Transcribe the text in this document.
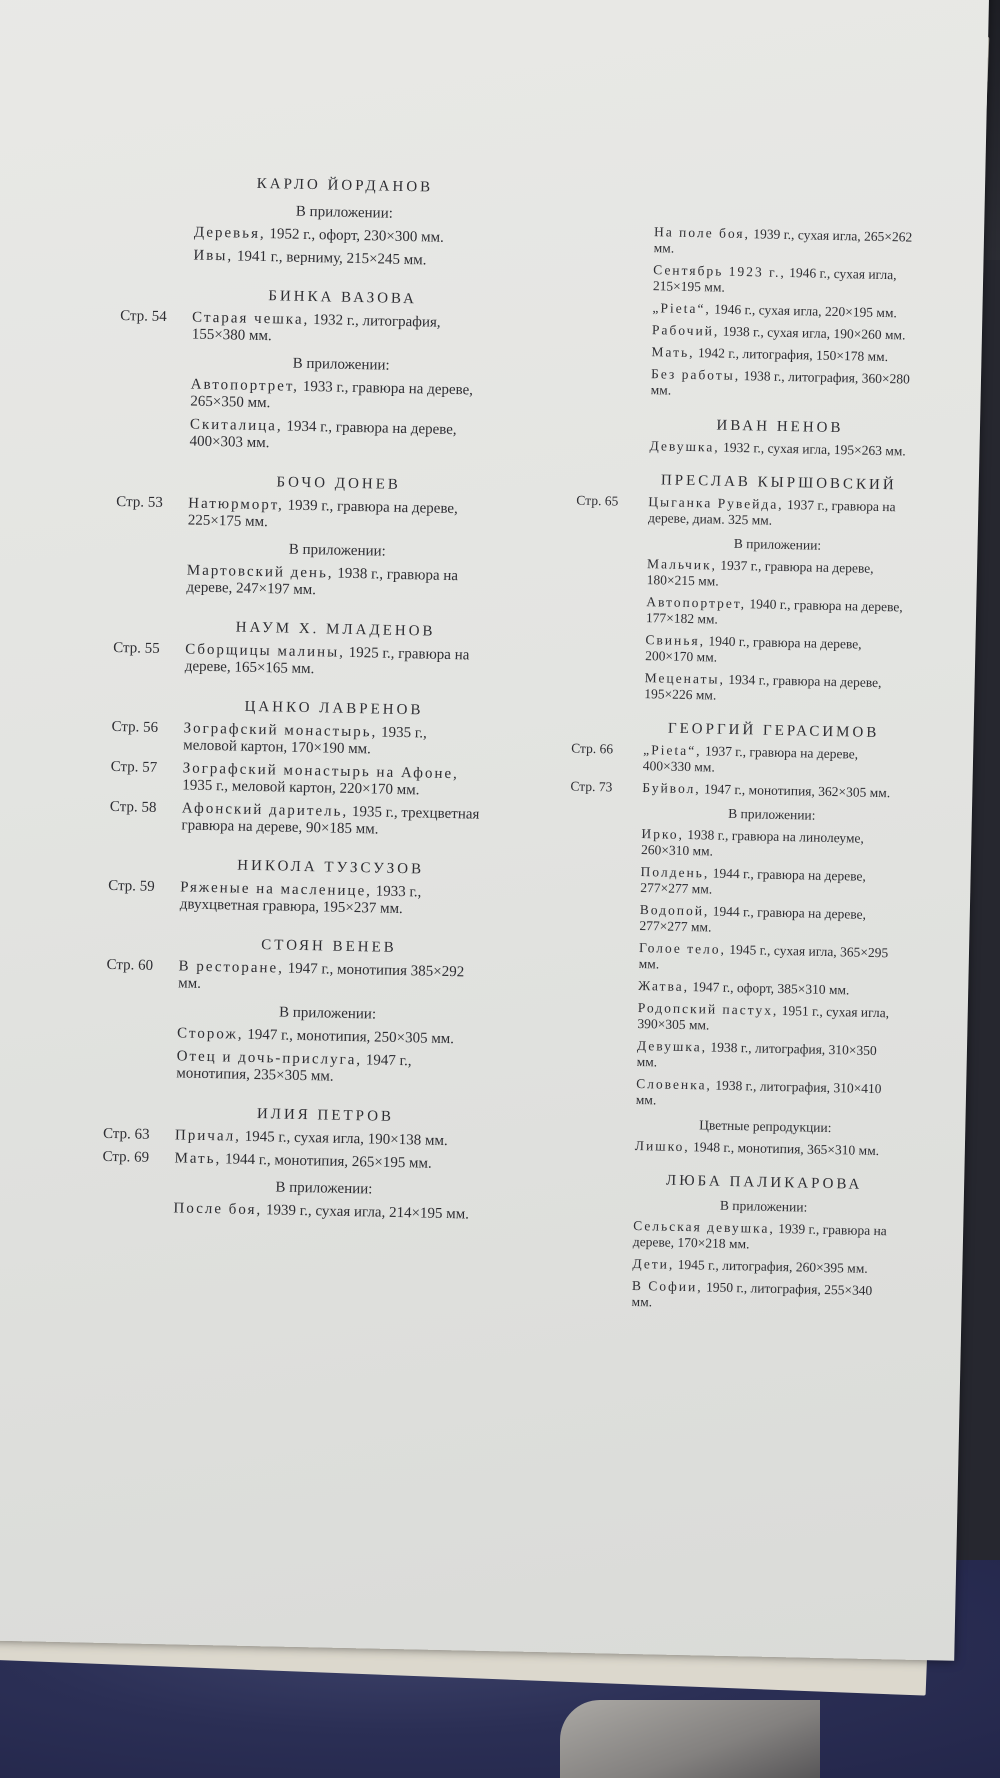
КАРЛО ЙОРДАНОВ
В приложении:
Деревья, 1952 г., офорт, 230×300 мм.
Ивы, 1941 г., верниму, 215×245 мм.
БИНКА ВАЗОВА
Стр. 54 Старая чешка, 1932 г., литография, 155×380 мм.
В приложении:
Автопортрет, 1933 г., гравюра на дереве, 265×350 мм.
Скиталица, 1934 г., гравюра на дереве, 400×303 мм.
БОЧО ДОНЕВ
Стр. 53 Натюрморт, 1939 г., гравюра на дереве, 225×175 мм.
В приложении:
Мартовский день, 1938 г., гравюра на дереве, 247×197 мм.
НАУМ Х. МЛАДЕНОВ
Стр. 55 Сборщицы малины, 1925 г., гравюра на дереве, 165×165 мм.
ЦАНКО ЛАВРЕНОВ
Стр. 56 Зографский монастырь, 1935 г., меловой картон, 170×190 мм.
Стр. 57 Зографский монастырь на Афоне, 1935 г., меловой картон, 220×170 мм.
Стр. 58 Афонский даритель, 1935 г., трехцветная гравюра на дереве, 90×185 мм.
НИКОЛА ТУЗСУЗОВ
Стр. 59 Ряженые на масленице, 1933 г., двухцветная гравюра, 195×237 мм.
СТОЯН ВЕНЕВ
Стр. 60 В ресторане, 1947 г., монотипия 385×292 мм.
В приложении:
Сторож, 1947 г., монотипия, 250×305 мм.
Отец и дочь-прислуга, 1947 г., монотипия, 235×305 мм.
ИЛИЯ ПЕТРОВ
Стр. 63 Причал, 1945 г., сухая игла, 190×138 мм.
Стр. 69 Мать, 1944 г., монотипия, 265×195 мм.
В приложении:
После боя, 1939 г., сухая игла, 214×195 мм.
На поле боя, 1939 г., сухая игла, 265×262 мм.
Сентябрь 1923 г., 1946 г., сухая игла, 215×195 мм.
„Pieta“, 1946 г., сухая игла, 220×195 мм.
Рабочий, 1938 г., сухая игла, 190×260 мм.
Мать, 1942 г., литография, 150×178 мм.
Без работы, 1938 г., литография, 360×280 мм.
ИВАН НЕНОВ
Девушка, 1932 г., сухая игла, 195×263 мм.
ПРЕСЛАВ КЫРШОВСКИЙ
Стр. 65 Цыганка Рувейда, 1937 г., гравюра на дереве, диам. 325 мм.
В приложении:
Мальчик, 1937 г., гравюра на дереве, 180×215 мм.
Автопортрет, 1940 г., гравюра на дереве, 177×182 мм.
Свинья, 1940 г., гравюра на дереве, 200×170 мм.
Меценаты, 1934 г., гравюра на дереве, 195×226 мм.
ГЕОРГИЙ ГЕРАСИМОВ
Стр. 66 „Pieta“, 1937 г., гравюра на дереве, 400×330 мм.
Стр. 73 Буйвол, 1947 г., монотипия, 362×305 мм.
В приложении:
Ирко, 1938 г., гравюра на линолеуме, 260×310 мм.
Полдень, 1944 г., гравюра на дереве, 277×277 мм.
Водопой, 1944 г., гравюра на дереве, 277×277 мм.
Голое тело, 1945 г., сухая игла, 365×295 мм.
Жатва, 1947 г., офорт, 385×310 мм.
Родопский пастух, 1951 г., сухая игла, 390×305 мм.
Девушка, 1938 г., литография, 310×350 мм.
Словенка, 1938 г., литография, 310×410 мм.
Цветные репродукции:
Лишко, 1948 г., монотипия, 365×310 мм.
ЛЮБА ПАЛИКАРОВА
В приложении:
Сельская девушка, 1939 г., гравюра на дереве, 170×218 мм.
Дети, 1945 г., литография, 260×395 мм.
В Софии, 1950 г., литография, 255×340 мм.
